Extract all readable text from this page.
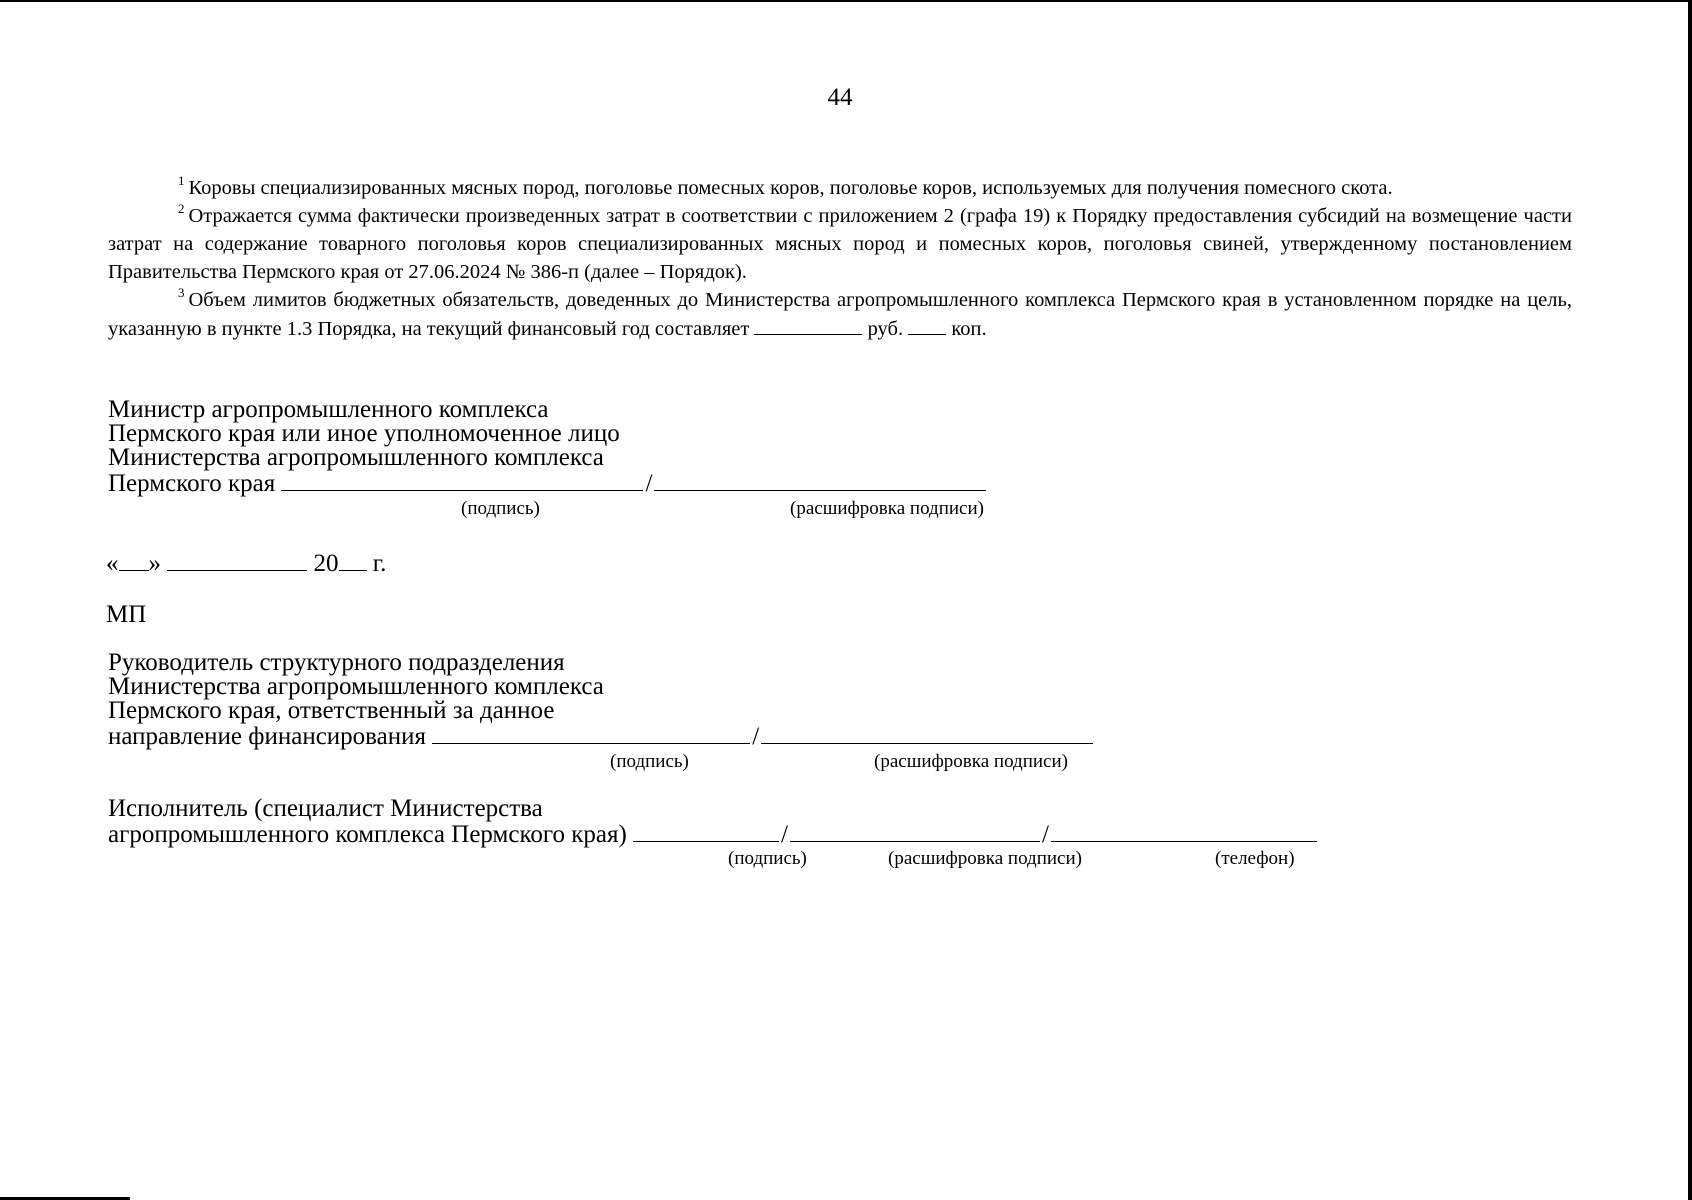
44

$^1$ Коровы специализированных мясных пород, поголовье помесных коров, поголовье коров, используемых для получения помесного скота.

$^2$ Отражается сумма фактически произведенных затрат в соответствии с приложением 2 (графа 19) к Порядку предоставления субсидий на возмещение части затрат на содержание товарного поголовья коров специализированных мясных пород и помесных коров, поголовья свиней, утвержденному постановлением Правительства Пермского края от 27.06.2024 № 386-п (далее – Порядок).

$^3$ Объем лимитов бюджетных обязательств, доведенных до Министерства агропромышленного комплекса Пермского края в установленном порядке на цель, указанную в пункте 1.3 Порядка, на текущий финансовый год составляет	руб. коп.

Министр агропромышленного комплекса
Пермского края или иное уполномоченное лицо
Министерства агропромышленного комплекса
Пермского края	/
(подпись)	(расшифровка подписи)
« »	20 г.
МП
Руководитель структурного подразделения
Министерства агропромышленного комплекса
Пермского края, ответственный за данное
направление финансирования	/
(подпись)	(расшифровка подписи)
Исполнитель (специалист Министерства
агропромышленного комплекса Пермского края)	/	/
(подпись)	(расшифровка подписи)	(телефон)
